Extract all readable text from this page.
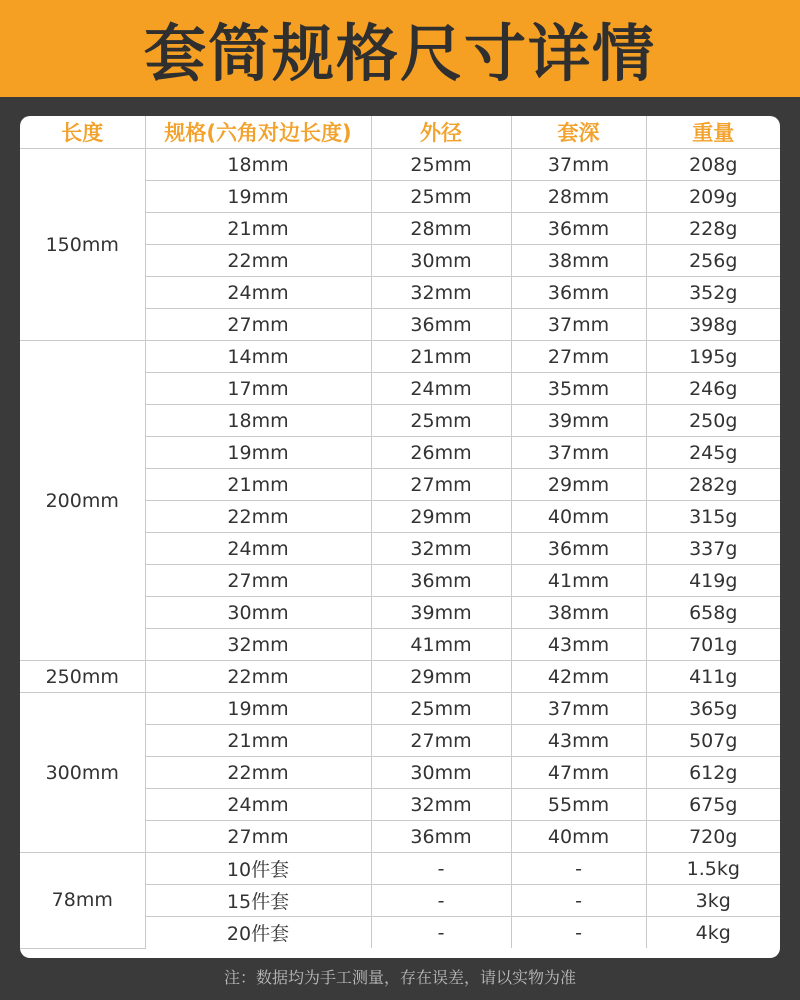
套筒规格尺寸详情
长度	规格(六角对边长度)	外径	套深	重量
150mm	18mm	25mm	37mm	208g
	19mm	25mm	28mm	209g
	21mm	28mm	36mm	228g
	22mm	30mm	38mm	256g
	24mm	32mm	36mm	352g
	27mm	36mm	37mm	398g
200mm	14mm	21mm	27mm	195g
	17mm	24mm	35mm	246g
	18mm	25mm	39mm	250g
	19mm	26mm	37mm	245g
	21mm	27mm	29mm	282g
	22mm	29mm	40mm	315g
	24mm	32mm	36mm	337g
	27mm	36mm	41mm	419g
	30mm	39mm	38mm	658g
	32mm	41mm	43mm	701g
250mm	22mm	29mm	42mm	411g
300mm	19mm	25mm	37mm	365g
	21mm	27mm	43mm	507g
	22mm	30mm	47mm	612g
	24mm	32mm	55mm	675g
	27mm	36mm	40mm	720g
78mm	10件套	-	-	1.5kg
	15件套	-	-	3kg
	20件套	-	-	4kg
注：数据均为手工测量，存在误差，请以实物为准
